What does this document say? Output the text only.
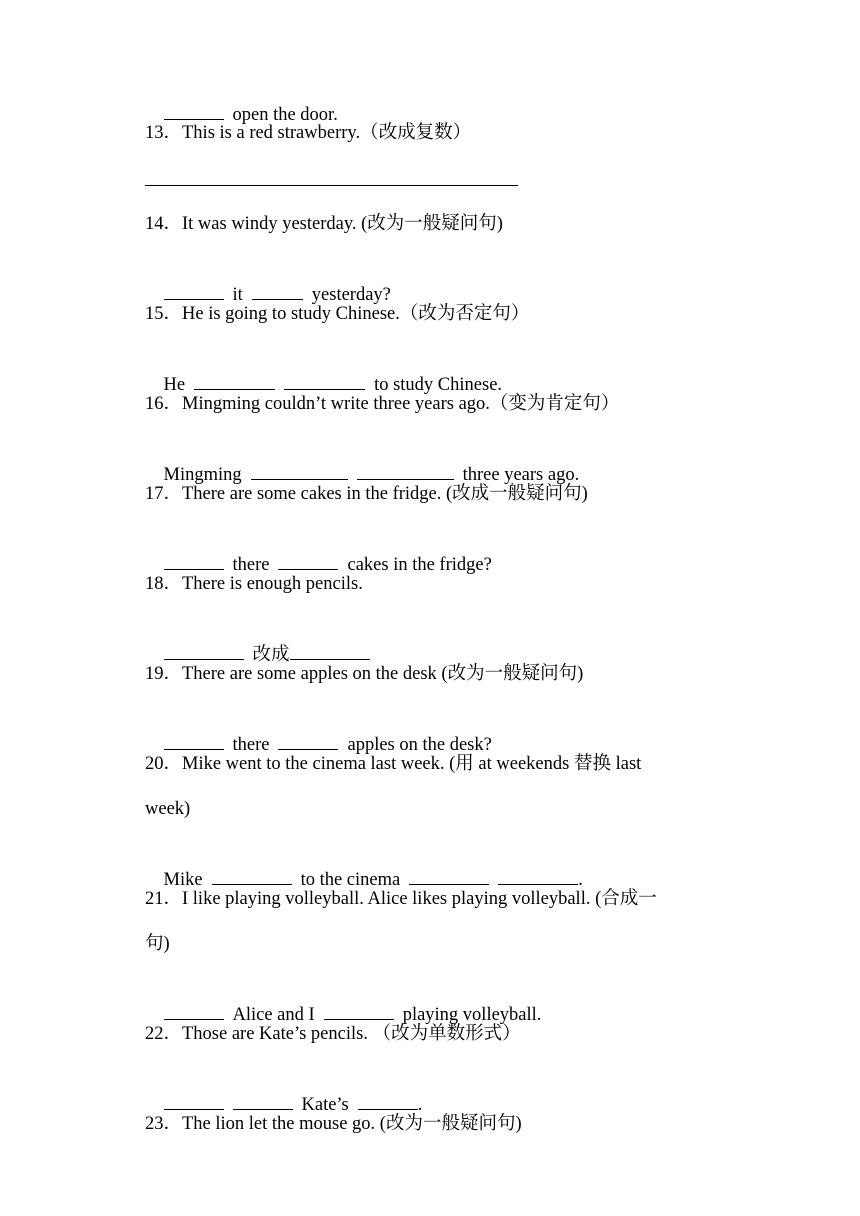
open the door.

13．This is a red strawberry.（改成复数）
14．It was windy yesterday. (改为一般疑问句)

it	yesterday?

15．He is going to study Chinese.（改为否定句）

He	to study Chinese.

16．Mingming couldn’t write three years ago.（变为肯定句）

Mingming	three years ago.

17．There are some cakes in the fridge. (改成一般疑问句)

there	cakes in the fridge?

18．There is enough pencils.

改成

19．There are some apples on the desk (改为一般疑问句)

there	apples on the desk?

20．Mike went to the cinema last week. (用 at weekends 替换 last
week)

Mike	to the cinema	.

21．I like playing volleyball. Alice likes playing volleyball. (合成一
句)

Alice and I	playing volleyball.

22．Those are Kate’s pencils. （改为单数形式）

Kate’s	.

23．The lion let the mouse go. (改为一般疑问句)
